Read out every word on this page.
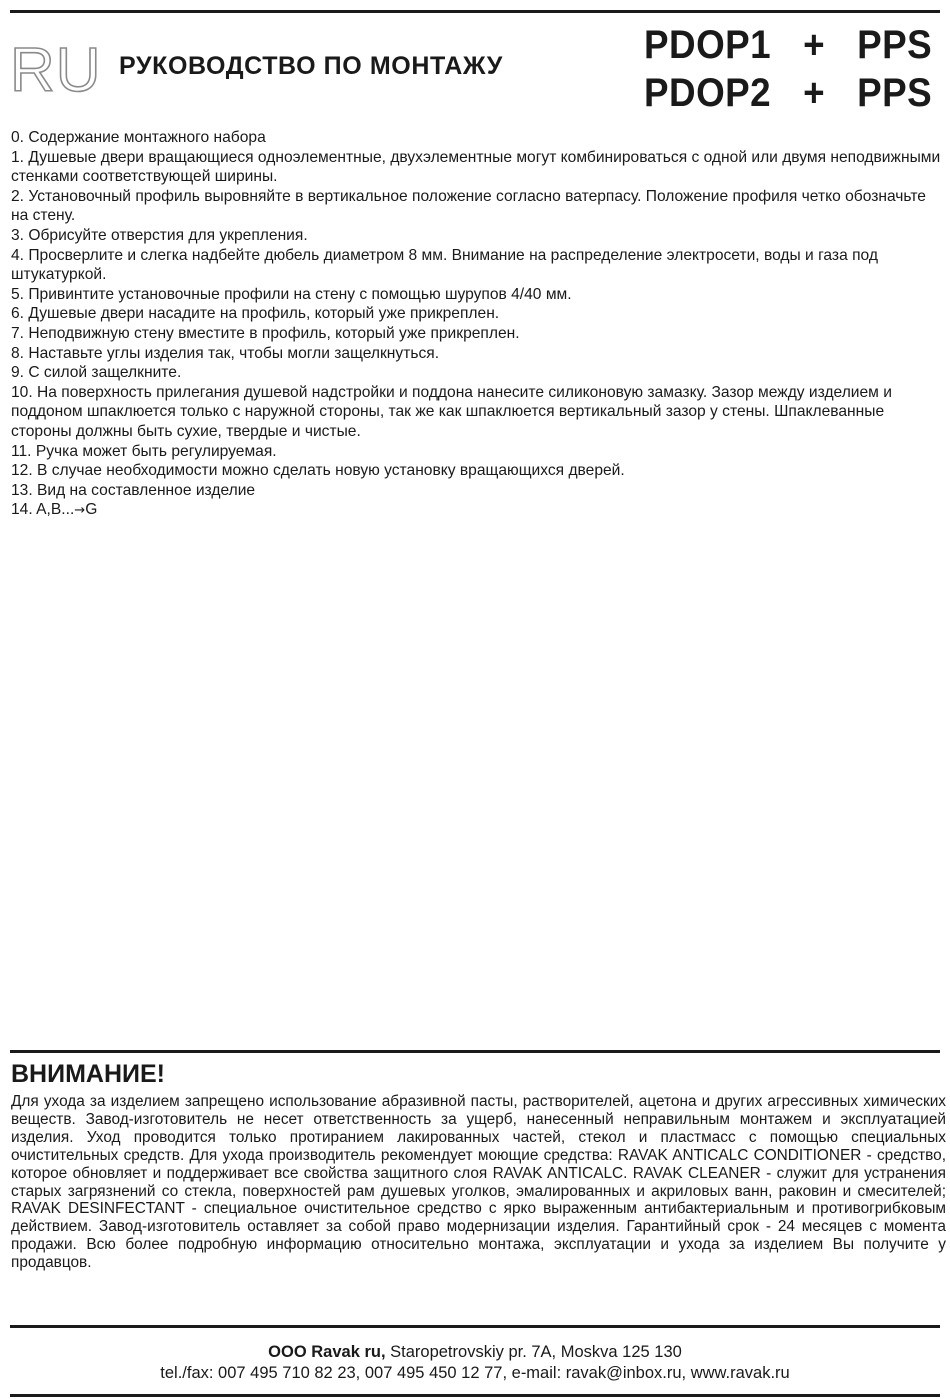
RU РУКОВОДСТВО ПО МОНТАЖУ	PDOP1   +   PPS
PDOP2   +   PPS
0. Содержание монтажного набора
1. Душевые двери вращающиеся одноэлементные, двухэлементные могут комбинироваться с одной или двумя неподвижными стенками соответствующей ширины.
2. Установочный профиль выровняйте в вертикальное положение согласно ватерпасу. Положение профиля четко обозначьте на стену.
3. Обрисуйте отверстия для укрепления.
4. Просверлите и слегка надбейте дюбель диаметром 8 мм. Внимание на распределение электросети, воды и газа под штукатуркой.
5. Привинтите установочные профили на стену с помощью шурупов 4/40 мм.
6. Душевые двери насадите на профиль, который уже прикреплен.
7. Неподвижную стену вместите в профиль, который уже прикреплен.
8. Наставьте углы изделия так, чтобы могли защелкнуться.
9. С силой защелкните.
10. На поверхность прилегания душевой надстройки и поддона нанесите силиконовую замазку. Зазор между изделием и поддоном шпаклюется только с наружной стороны, так же как шпаклюется вертикальный зазор у стены. Шпаклеванные стороны должны быть сухие, твердые и чистые.
11. Ручка может быть регулируемая.
12. В случае необходимости можно сделать новую установку вращающихся дверей.
13. Вид на составленное изделие
14. A,B...→G
ВНИМАНИЕ!

Для ухода за изделием запрещено использование абразивной пасты, растворителей, ацетона и других агрессивных химических веществ. Завод-изготовитель не несет ответственность за ущерб, нанесенный неправильным монтажем и эксплуатацией изделия. Уход проводится только протиранием лакированных частей, стекол и пластмасс с помощью специальных очистительных средств. Для ухода производитель рекомендует моющие средства: RAVAK ANTICALC CONDITIONER - средство, которое обновляет и поддерживает все свойства защитного слоя RAVAK ANTICALC. RAVAK CLEANER - служит для устранения старых загрязнений со стекла, поверхностей рам душевых уголков, эмалированных и акриловых ванн, раковин и смесителей; RAVAK DESINFECTANT - специальное очистительное средство с ярко выраженным антибактериальным и противогрибковым действием. Завод-изготовитель оставляет за собой право модернизации изделия. Гарантийный срок - 24 месяцев с момента продажи. Всю более подробную информацию относительно монтажа, эксплуатации и ухода за изделием Вы получите у продавцов.

OOO Ravak ru, Staropetrovskiy pr. 7A, Moskva 125 130
tel./fax: 007 495 710 82 23, 007 495 450 12 77, e-mail: ravak@inbox.ru, www.ravak.ru
